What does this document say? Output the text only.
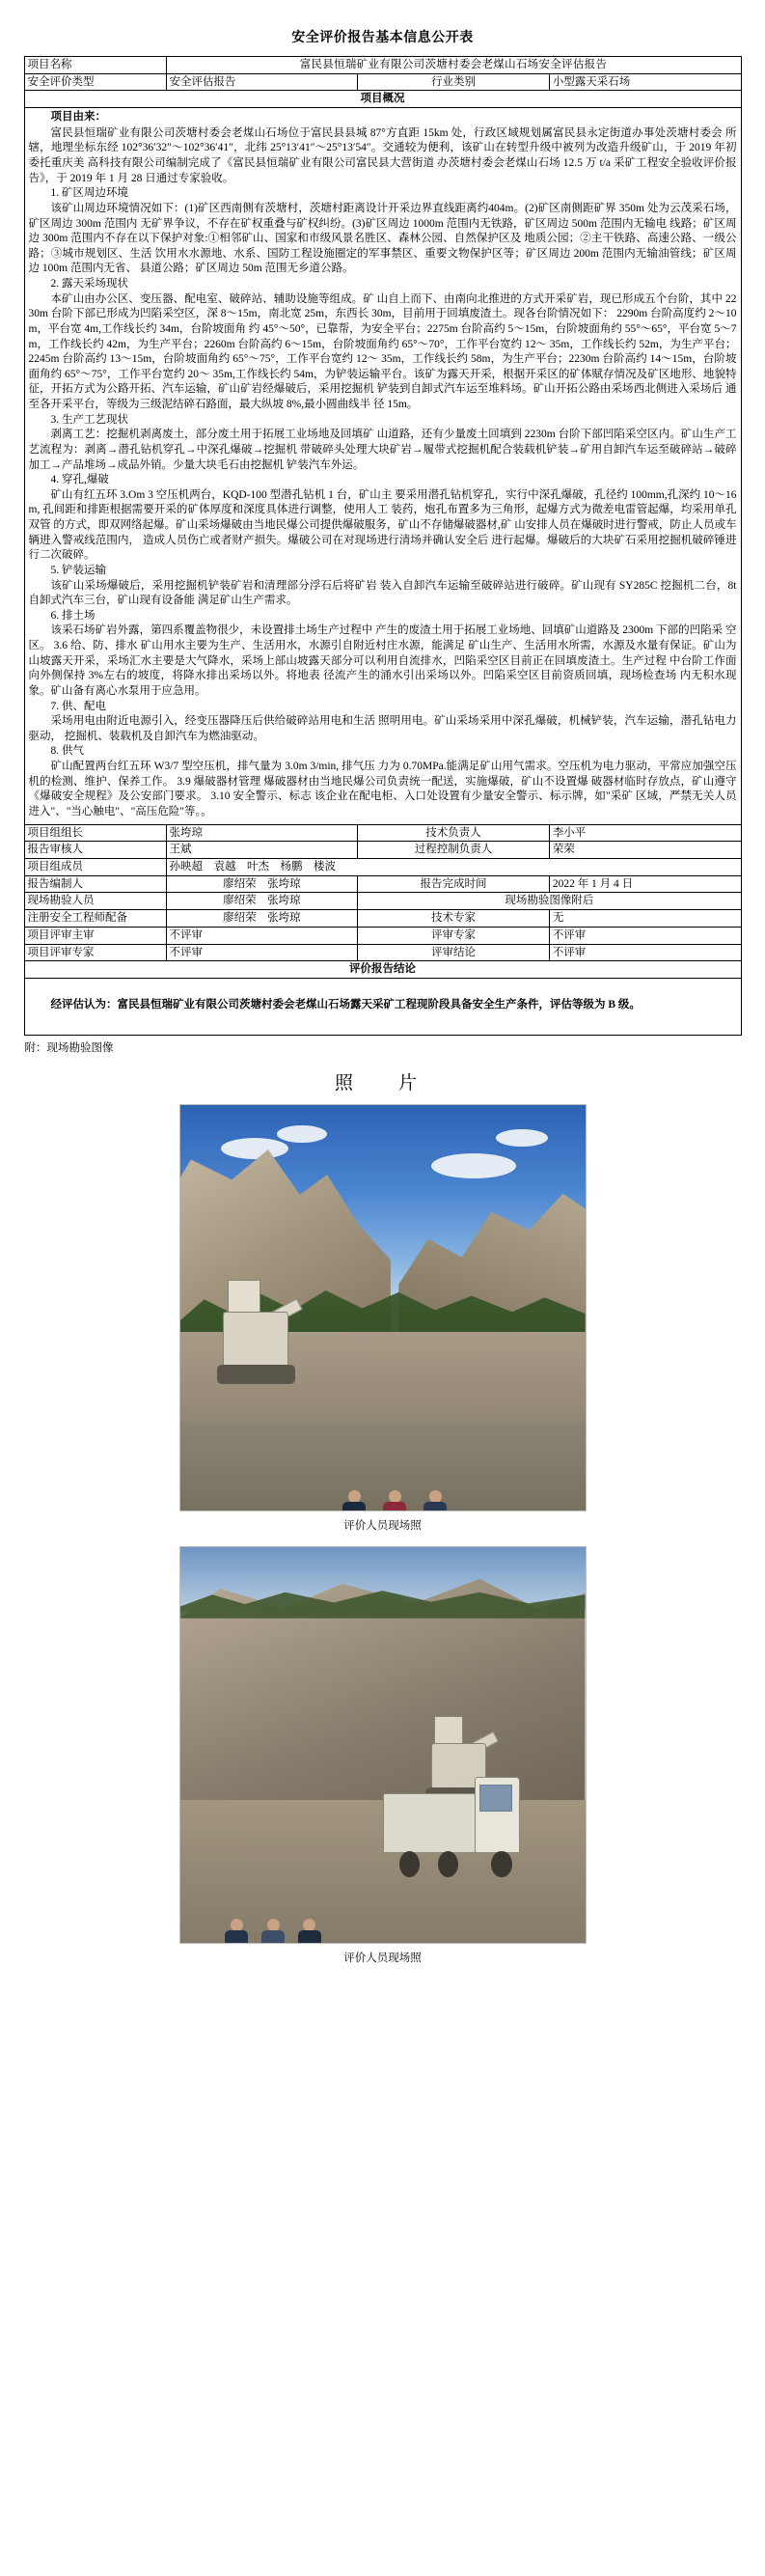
安全评价报告基本信息公开表
项目名称	富民县恒瑞矿业有限公司茨塘村委会老煤山石场安全评估报告		
安全评价类型	安全评估报告	行业类别	小型露天采石场
项目概况			

项目由来：

富民县恒瑞矿业有限公司茨塘村委会老煤山石场位于富民县县城 87°方直距 15km 处，行政区域规划属富民县永定街道办事处茨塘村委会 所辖，地理坐标东经 102°36′32″～102°36′41″，北纬 25°13′41″～25°13′54″。交通较为便利，该矿山在转型升级中被列为改造升级矿山，于 2019 年初委托重庆美 高科技有限公司编制完成了《富民县恒瑞矿业有限公司富民县大营街道 办茨塘村委会老煤山石场 12.5 万 t/a 采矿工程安全验收评价报告》，于 2019 年 1 月 28 日通过专家验收。

1. 矿区周边环境

该矿山周边环境情况如下：(1)矿区西南侧有茨塘村，茨塘村距离设计开采边界直线距离约404m。(2)矿区南侧距矿界 350m 处为云茂采石场，矿区周边 300m 范围内 无矿界争议，不存在矿权重叠与矿权纠纷。(3)矿区周边 1000m 范围内无铁路，矿区周边 500m 范围内无输电 线路；矿区周边 300m 范围内不存在以下保护对象:①相邻矿山、国家和市级风景名胜区、森林公园、自然保护区及 地质公园；②主干铁路、高速公路、一级公路；③城市规划区、生活 饮用水水源地、水系、国防工程设施圈定的军事禁区、重要文物保护区等；矿区周边 200m 范围内无输油管线；矿区周边 100m 范围内无省、 县道公路；矿区周边 50m 范围无乡道公路。

2. 露天采场现状

本矿山由办公区、变压器、配电室、破碎站、辅助设施等组成。矿 山自上而下、由南向北推进的方式开采矿岩，现已形成五个台阶，其中 2230m 台阶下部已形成为凹陷采空区，深 8～15m，南北宽 25m，东西长 30m，目前用于回填废渣土。现各台阶情况如下： 2290m 台阶高度约 2～10m，平台宽 4m,工作线长约 34m，台阶坡面角 约 45°～50°，已靠帮，为安全平台；2275m 台阶高约 5～15m，台阶坡面角约 55°～65°，平台宽 5～7m，工作线长约 42m，为生产平台；2260m 台阶高约 6～15m，台阶坡面角约 65°～70°，工作平台宽约 12～ 35m，工作线长约 52m，为生产平台；2245m 台阶高约 13～15m，台阶坡面角约 65°～75°，工作平台宽约 12～ 35m，工作线长约 58m，为生产平台；2230m 台阶高约 14～15m，台阶坡面角约 65°～75°，工作平台宽约 20～ 35m,工作线长约 54m，为铲装运输平台。该矿为露天开采，根据开采区的矿体赋存情况及矿区地形、地貌特 征，开拓方式为公路开拓、汽车运输，矿山矿岩经爆破后，采用挖掘机 铲装到自卸式汽车运至堆料场。矿山开拓公路由采场西北侧进入采场后 通至各开采平台，等级为三级泥结碎石路面，最大纵坡 8%,最小圆曲线半 径 15m。

3. 生产工艺现状

剥离工艺：挖掘机剥离废土，部分废土用于拓展工业场地及回填矿 山道路，还有少量废土回填到 2230m 台阶下部凹陷采空区内。矿山生产工艺流程为：剥离→潜孔钻机穿孔→中深孔爆破→挖掘机 带破碎头处理大块矿岩→履带式挖掘机配合装载机铲装→矿用自卸汽车运至破碎站→破碎加工→产品堆场→成品外销。少量大块毛石由挖掘机 铲装汽车外运。

4. 穿孔,爆破

矿山有红五环 3.Om 3 空压机两台，KQD-100 型潜孔钻机 1 台，矿山主 要采用潜孔钻机穿孔，实行中深孔爆破，孔径约 100mm,孔深约 10～16m, 孔间距和排距根据需要开采的矿体厚度和深度具体进行调整，使用人工 装药，炮孔布置多为三角形，起爆方式为微差电雷管起爆，均采用单孔 双管 的方式，即双网络起爆。矿山采场爆破由当地民爆公司提供爆破服务，矿山不存储爆破器材,矿 山安排人员在爆破时进行警戒，防止人员或车辆进入警戒线范围内， 造成人员伤亡或者财产损失。爆破公司在对现场进行清场并确认安全后 进行起爆。爆破后的大块矿石采用挖掘机破碎锤进行二次破碎。

5. 铲装运输

该矿山采场爆破后，采用挖掘机铲装矿岩和清理部分浮石后将矿岩 装入自卸汽车运输至破碎站进行破碎。矿山现有 SY285C 挖掘机二台，8t 自卸式汽车三台，矿山现有设备能 满足矿山生产需求。

6. 排土场

该采石场矿岩外露，第四系覆盖物很少，未设置排土场生产过程中 产生的废渣土用于拓展工业场地、回填矿山道路及 2300m 下部的凹陷采 空区。 3.6 给、防、排水 矿山用水主要为生产、生活用水，水源引自附近村庄水源，能满足 矿山生产、生活用水所需，水源及水量有保证。矿山为山坡露天开采，采场汇水主要是大气降水，采场上部山坡露天部分可以利用自流排水，凹陷采空区目前正在回填废渣土。生产过程 中台阶工作面向外侧保持 3%左右的坡度，将降水排出采场以外。将地表 径流产生的涌水引出采场以外。凹陷采空区目前资质回填，现场检查场 内无积水现象。矿山备有离心水泵用于应急用。

7. 供、配电

采场用电由附近电源引入，经变压器降压后供给破碎站用电和生活 照明用电。矿山采场采用中深孔爆破，机械铲装，汽车运输，潜孔钻电力驱动， 挖掘机、装载机及自卸汽车为燃油驱动。

8. 供气

矿山配置两台红五环 W3/7 型空压机，排气量为 3.0m 3/min, 排气压 力为 0.70MPa.能满足矿山用气需求。空压机为电力驱动，平常应加强空压机的检测、维护、保养工作。 3.9 爆破器材管理 爆破器材由当地民爆公司负责统一配送，实施爆破，矿山不设置爆 破器材临时存放点，矿山遵守《爆破安全规程》及公安部门要求。 3.10 安全警示、标志 该企业在配电柜、入口处设置有少量安全警示、标示牌，如"采矿 区域，严禁无关人员进入"、"当心触电"、"高压危险"等。。

项目组组长	张垮琼	技术负责人	李小平
报告审核人	王斌	过程控制负责人	荣荣
项目组成员	孙映超　袁越　叶杰　杨鹏　楼波		
报告编制人	廖绍荣　张垮琼	报告完成时间	2022 年 1 月 4 日
现场勘验人员	廖绍荣　张垮琼	现场勘验图像附后	
注册安全工程师配备	廖绍荣　张垮琼	技术专家	无
项目评审主审	不评审	评审专家	不评审
项目评审专家	不评审	评审结论	不评审
评价报告结论			

经评估认为：富民县恒瑞矿业有限公司茨塘村委会老煤山石场露天采矿工程现阶段具备安全生产条件，评估等级为 B 级。			

附：现场勘验图像
照　片
评价人员现场照
评价人员现场照
